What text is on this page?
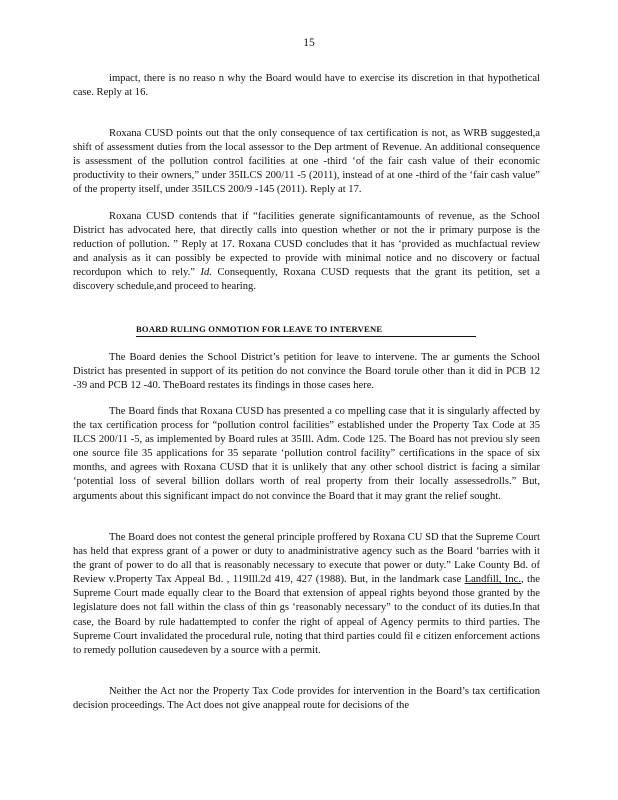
15

impact, there is no reaso n why the Board would have to exercise its discretion in that hypothetical case. Reply at 16.

Roxana CUSD points out that the only consequence of tax certification is not, as WRB suggested,a shift of assessment duties from the local assessor to the Dep artment of Revenue. An additional consequence is assessment of the pollution control facilities at one -third ‘of the fair cash value of their economic productivity to their owners,” under 35ILCS 200/11 -5 (2011), instead of at one -third of the ‘fair cash value” of the property itself, under 35ILCS 200/9 -145 (2011). Reply at 17.

Roxana CUSD contends that if “facilities generate significantamounts of revenue, as the School District has advocated here, that directly calls into question whether or not the ir primary purpose is the reduction of pollution. ” Reply at 17. Roxana CUSD concludes that it has ‘provided as muchfactual review and analysis as it can possibly be expected to provide with minimal notice and no discovery or factual recordupon which to rely.” Id. Consequently, Roxana CUSD requests that the grant its petition, set a discovery schedule,and proceed to hearing.

BOARD RULING ONMOTION FOR LEAVE TO INTERVENE

The Board denies the School District’s petition for leave to intervene. The ar guments the School District has presented in support of its petition do not convince the Board torule other than it did in PCB 12 -39 and PCB 12 -40. TheBoard restates its findings in those cases here.

The Board finds that Roxana CUSD has presented a co mpelling case that it is singularly affected by the tax certification process for “pollution control facilities” established under the Property Tax Code at 35 ILCS 200/11 -5, as implemented by Board rules at 35Ill. Adm. Code 125. The Board has not previou sly seen one source file 35 applications for 35 separate ‘pollution control facility” certifications in the space of six months, and agrees with Roxana CUSD that it is unlikely that any other school district is facing a similar ‘potential loss of several billion dollars worth of real property from their locally assessedrolls.” But, arguments about this significant impact do not convince the Board that it may grant the relief sought.

The Board does not contest the general principle proffered by Roxana CU SD that the Supreme Court has held that express grant of a power or duty to anadministrative agency such as the Board ‘barries with it the grant of power to do all that is reasonably necessary to execute that power or duty.” Lake County Bd. of Review v.Property Tax Appeal Bd. , 119Ill.2d 419, 427 (1988). But, in the landmark case Landfill, Inc., the Supreme Court made equally clear to the Board that extension of appeal rights beyond those granted by the legislature does not fall within the class of thin gs ‘reasonably necessary” to the conduct of its duties.In that case, the Board by rule hadattempted to confer the right of appeal of Agency permits to third parties. The Supreme Court invalidated the procedural rule, noting that third parties could fil e citizen enforcement actions to remedy pollution causedeven by a source with a permit.

Neither the Act nor the Property Tax Code provides for intervention in the Board’s tax certification decision proceedings. The Act does not give anappeal route for decisions of the
